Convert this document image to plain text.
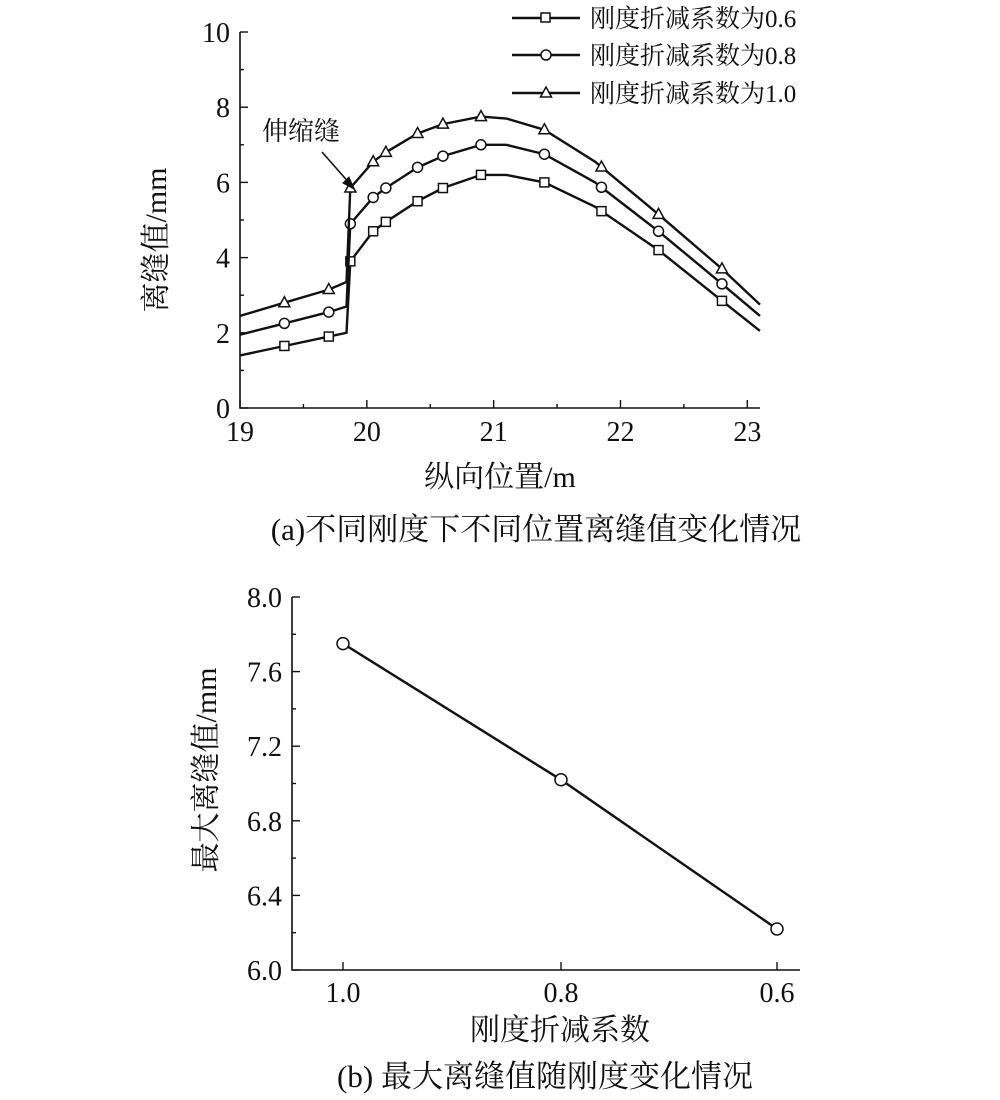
19	20	21	22	23
0
2
4
6
8
10
离缝值/mm
纵向位置/m
(a)不同刚度下不同位置离缝值变化情况
伸缩缝
刚度折减系数为0.6
刚度折减系数为0.8
刚度折减系数为1.0
1.0	0.8	0.6
6.0
6.4
6.8
7.2
7.6
8.0
最大离缝值/mm
刚度折减系数
(b) 最大离缝值随刚度变化情况
